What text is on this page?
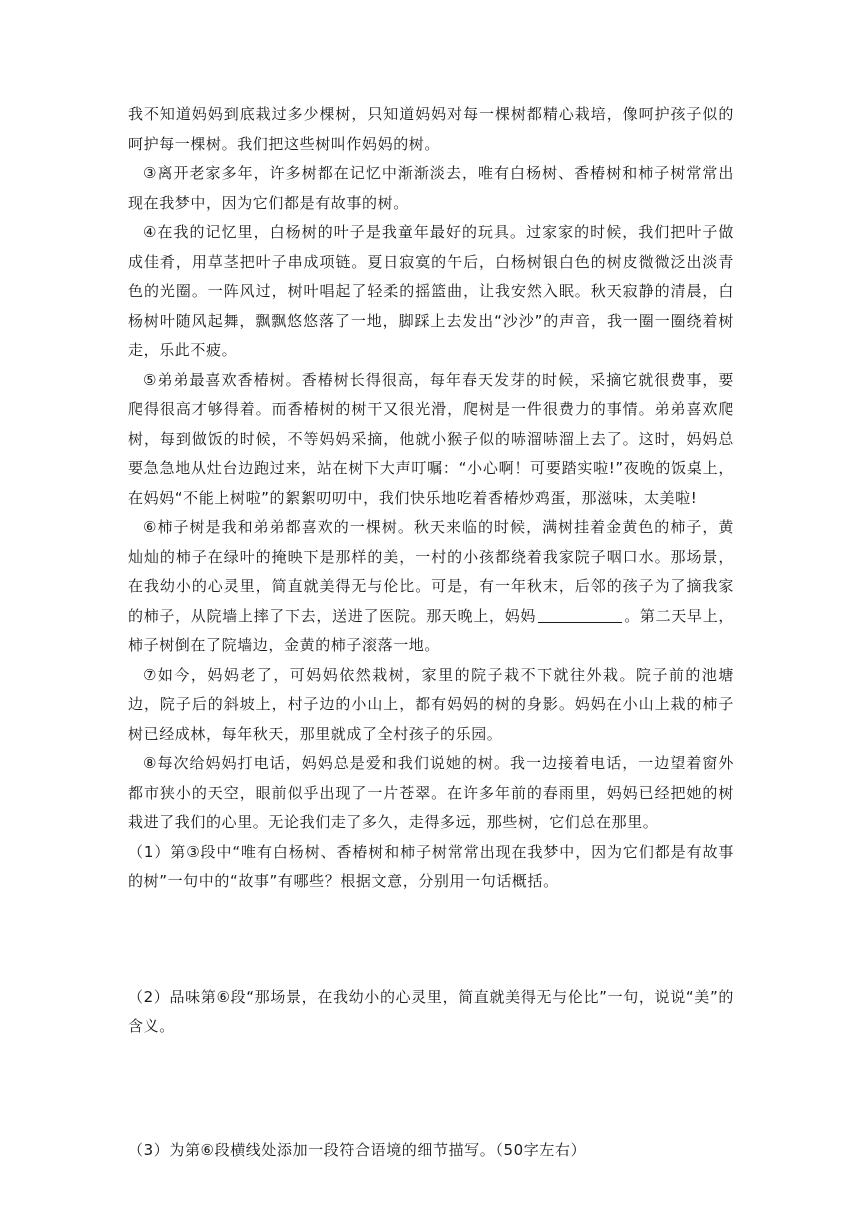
我不知道妈妈到底栽过多少棵树，只知道妈妈对每一棵树都精心栽培，像呵护孩子似的呵护每一棵树。我们把这些树叫作妈妈的树。

③离开老家多年，许多树都在记忆中渐渐淡去，唯有白杨树、香椿树和柿子树常常出现在我梦中，因为它们都是有故事的树。

④在我的记忆里，白杨树的叶子是我童年最好的玩具。过家家的时候，我们把叶子做成佳肴，用草茎把叶子串成项链。夏日寂寞的午后，白杨树银白色的树皮微微泛出淡青色的光圈。一阵风过，树叶唱起了轻柔的摇篮曲，让我安然入眠。秋天寂静的清晨，白杨树叶随风起舞，飘飘悠悠落了一地，脚踩上去发出“沙沙”的声音，我一圈一圈绕着树走，乐此不疲。

⑤弟弟最喜欢香椿树。香椿树长得很高，每年春天发芽的时候，采摘它就很费事，要爬得很高才够得着。而香椿树的树干又很光滑，爬树是一件很费力的事情。弟弟喜欢爬树，每到做饭的时候，不等妈妈采摘，他就小猴子似的哧溜哧溜上去了。这时，妈妈总要急急地从灶台边跑过来，站在树下大声叮嘱：“小心啊！可要踏实啦!”夜晚的饭桌上，在妈妈“不能上树啦”的絮絮叨叨中，我们快乐地吃着香椿炒鸡蛋，那滋味，太美啦!

⑥柿子树是我和弟弟都喜欢的一棵树。秋天来临的时候，满树挂着金黄色的柿子，黄灿灿的柿子在绿叶的掩映下是那样的美，一村的小孩都绕着我家院子咽口水。那场景，在我幼小的心灵里，简直就美得无与伦比。可是，有一年秋末，后邻的孩子为了摘我家的柿子，从院墙上摔了下去，送进了医院。那天晚上，妈妈	。第二天早上，柿子树倒在了院墙边，金黄的柿子滚落一地。

⑦如今，妈妈老了，可妈妈依然栽树，家里的院子栽不下就往外栽。院子前的池塘边，院子后的斜坡上，村子边的小山上，都有妈妈的树的身影。妈妈在小山上栽的柿子树已经成林，每年秋天，那里就成了全村孩子的乐园。

⑧每次给妈妈打电话，妈妈总是爱和我们说她的树。我一边接着电话，一边望着窗外都市狭小的天空，眼前似乎出现了一片苍翠。在许多年前的春雨里，妈妈已经把她的树栽进了我们的心里。无论我们走了多久，走得多远，那些树，它们总在那里。

（1）第③段中“唯有白杨树、香椿树和柿子树常常出现在我梦中，因为它们都是有故事的树”一句中的“故事”有哪些？根据文意，分别用一句话概括。

（2）品味第⑥段“那场景，在我幼小的心灵里，简直就美得无与伦比”一句，说说“美”的含义。

（3）为第⑥段横线处添加一段符合语境的细节描写。（50字左右）
